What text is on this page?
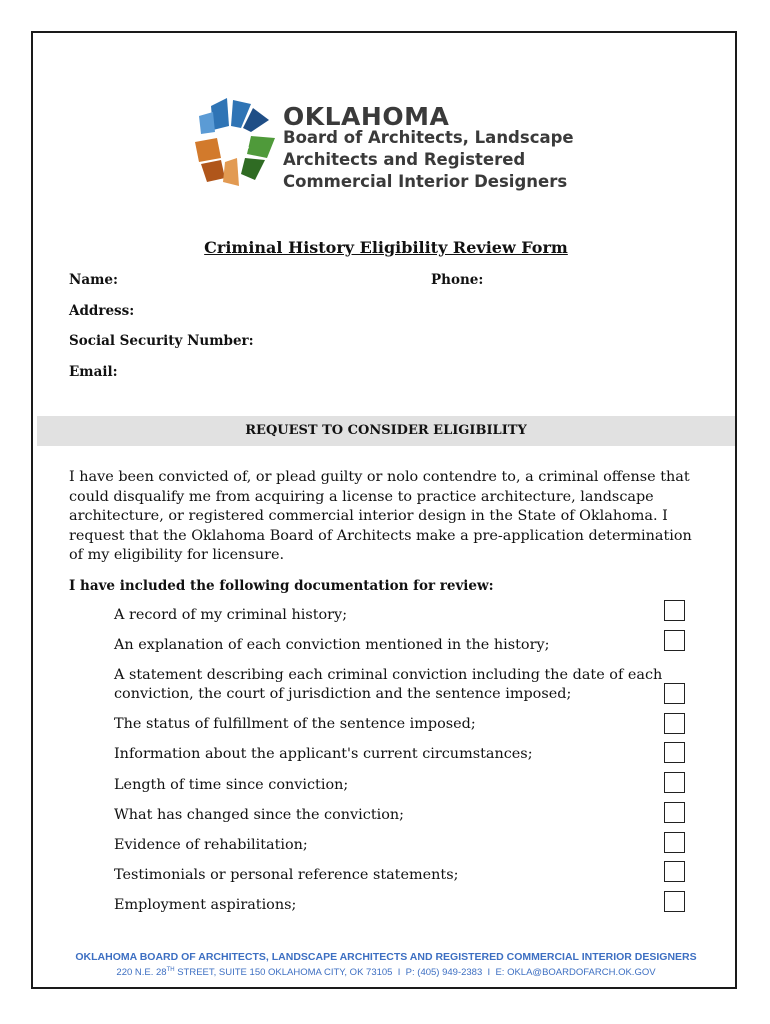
OKLAHOMA
Board of Architects, Landscape
Architects and Registered
Commercial Interior Designers
Criminal History Eligibility Review Form
Name:	Phone:
Address:
Social Security Number:
Email:
REQUEST TO CONSIDER ELIGIBILITY
I have been convicted of, or plead guilty or nolo contendre to, a criminal offense that
could disqualify me from acquiring a license to practice architecture, landscape
architecture, or registered commercial interior design in the State of Oklahoma. I
request that the Oklahoma Board of Architects make a pre-application determination
of my eligibility for licensure.
I have included the following documentation for review:
A record of my criminal history;
An explanation of each conviction mentioned in the history;
A statement describing each criminal conviction including the date of each
conviction, the court of jurisdiction and the sentence imposed;
The status of fulfillment of the sentence imposed;
Information about the applicant's current circumstances;
Length of time since conviction;
What has changed since the conviction;
Evidence of rehabilitation;
Testimonials or personal reference statements;
Employment aspirations;
OKLAHOMA BOARD OF ARCHITECTS, LANDSCAPE ARCHITECTS AND REGISTERED COMMERCIAL INTERIOR DESIGNERS
220 N.E. 28TH STREET, SUITE 150 OKLAHOMA CITY, OK 73105 I P: (405) 949-2383 I E: OKLA@BOARDOFARCH.OK.GOV
